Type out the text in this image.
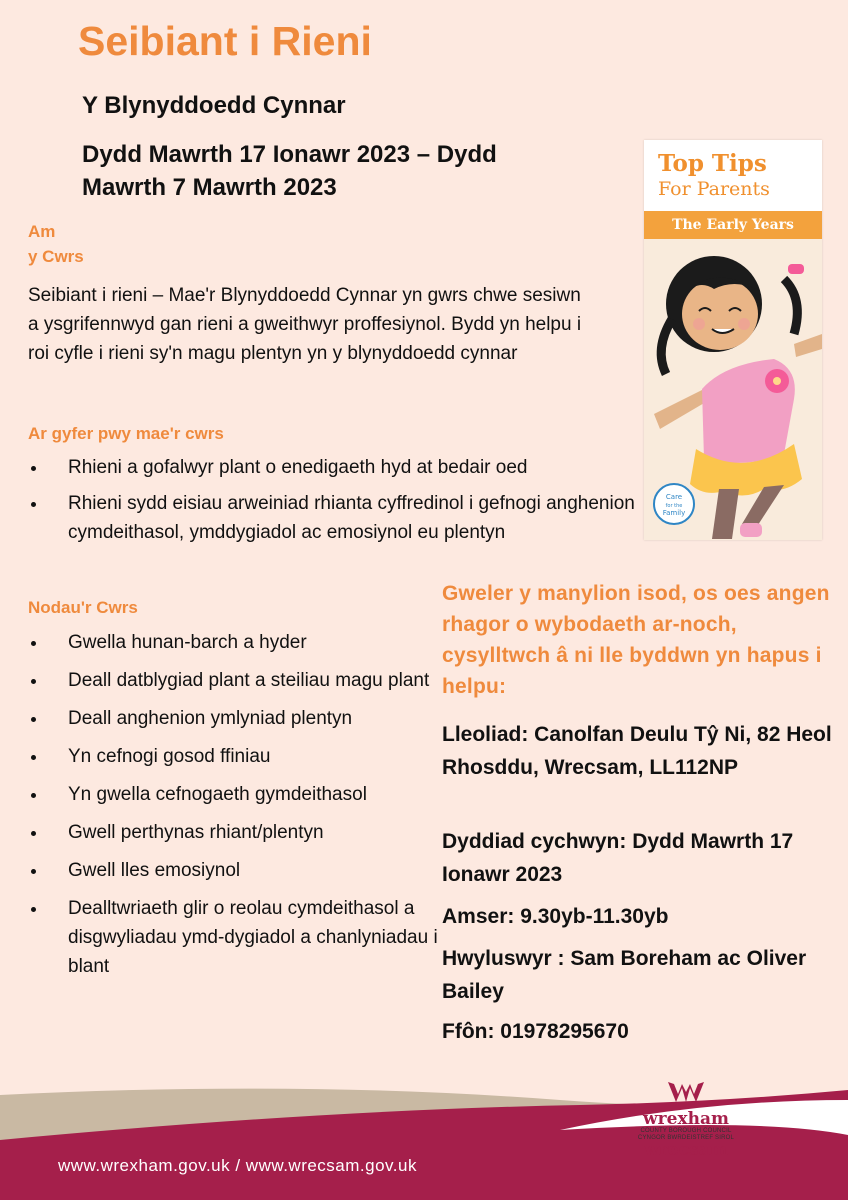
Seibiant i Rieni
Y Blynyddoedd Cynnar
Dydd Mawrth 17 Ionawr 2023 – Dydd
Mawrth 7 Mawrth 2023
Am
y Cwrs
Seibiant i rieni – Mae'r Blynyddoedd Cynnar yn gwrs chwe sesiwn a ysgrifennwyd gan rieni a gweithwyr proffesiynol. Bydd yn helpu i roi cyfle i rieni sy'n magu plentyn yn y blynyddoedd cynnar
Ar gyfer pwy mae'r cwrs
Rhieni a gofalwyr plant o enedigaeth hyd at bedair oed
Rhieni sydd eisiau arweiniad rhianta cyffredinol i gefnogi anghenion cymdeithasol, ymddygiadol ac emosiynol eu plentyn
Nodau'r Cwrs
Gwella hunan-barch a hyder
Deall datblygiad plant a steiliau magu plant
Deall anghenion ymlyniad plentyn
Yn cefnogi gosod ffiniau
Yn gwella cefnogaeth gymdeithasol
Gwell perthynas rhiant/plentyn
Gwell lles emosiynol
Dealltwriaeth glir o reolau cymdeithasol a disgwyliadau ymd-dygiadol a chanlyniadau i blant
Gweler y manylion isod, os oes angen rhagor o wybodaeth ar-noch, cysylltwch â ni lle byddwn yn hapus i helpu:
Lleoliad: Canolfan Deulu Tŷ Ni, 82 Heol Rhosddu, Wrecsam, LL112NP
Dyddiad cychwyn: Dydd Mawrth 17 Ionawr 2023
Amser: 9.30yb-11.30yb
Hwyluswyr : Sam Boreham ac Oliver Bailey
Ffôn: 01978295670
Top Tips
For Parents
The Early Years
Care
for the
Family
www.wrexham.gov.uk / www.wrecsam.gov.uk
wrexham
COUNTY BOROUGH COUNCIL
CYNGOR BWRDEISTREF SIROL
wrecsam
